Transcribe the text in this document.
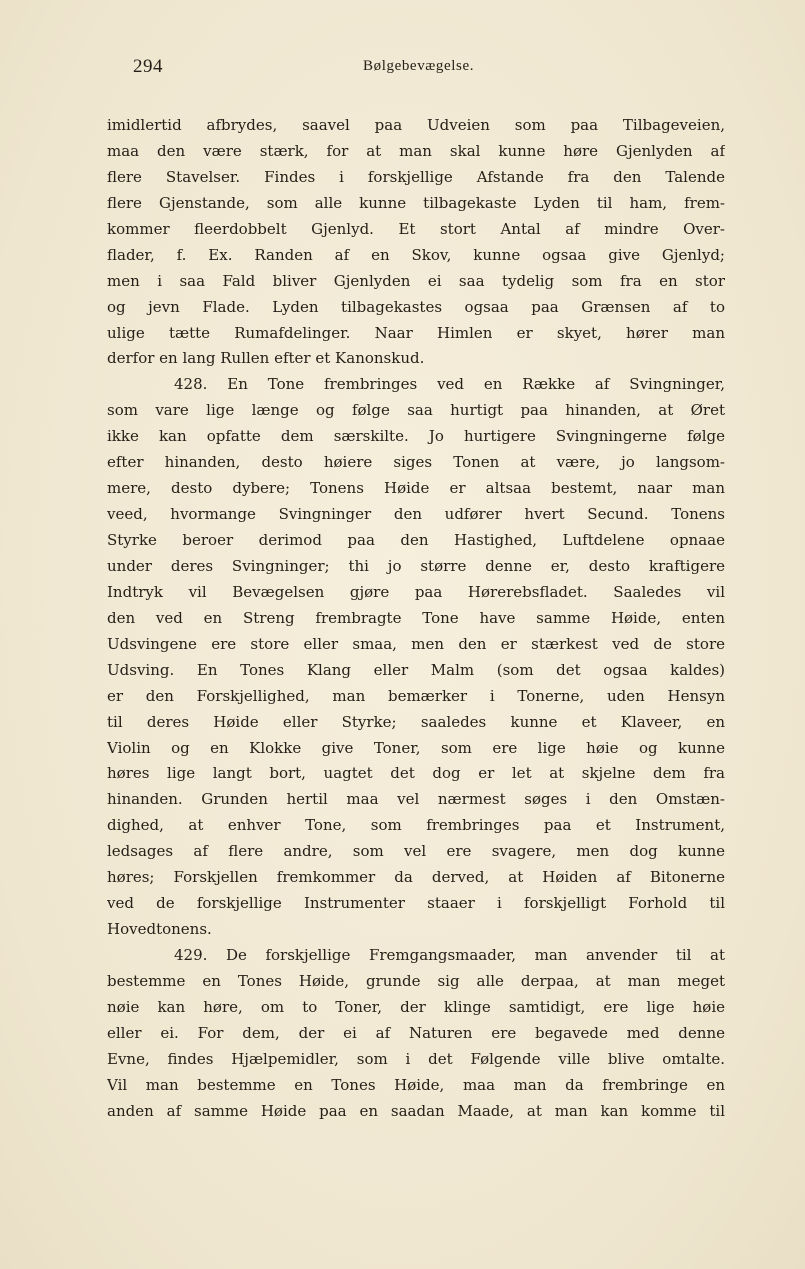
294	Bølgebevægelse.
imidlertid afbrydes, saavel paa Udveien som paa Tilbageveien,
maa den være stærk, for at man skal kunne høre Gjenlyden af
flere Stavelser. Findes i forskjellige Afstande fra den Talende
flere Gjenstande, som alle kunne tilbagekaste Lyden til ham, frem-
kommer fleerdobbelt Gjenlyd. Et stort Antal af mindre Over-
flader, f. Ex. Randen af en Skov, kunne ogsaa give Gjenlyd;
men i saa Fald bliver Gjenlyden ei saa tydelig som fra en stor
og jevn Flade. Lyden tilbagekastes ogsaa paa Grænsen af to
ulige tætte Rumafdelinger. Naar Himlen er skyet, hører man
derfor en lang Rullen efter et Kanonskud.
428. En Tone frembringes ved en Række af Svingninger,
som vare lige længe og følge saa hurtigt paa hinanden, at Øret
ikke kan opfatte dem særskilte. Jo hurtigere Svingningerne følge
efter hinanden, desto høiere siges Tonen at være, jo langsom-
mere, desto dybere; Tonens Høide er altsaa bestemt, naar man
veed, hvormange Svingninger den udfører hvert Secund. Tonens
Styrke beroer derimod paa den Hastighed, Luftdelene opnaae
under deres Svingninger; thi jo større denne er, desto kraftigere
Indtryk vil Bevægelsen gjøre paa Hørerebsfladet. Saaledes vil
den ved en Streng frembragte Tone have samme Høide, enten
Udsvingene ere store eller smaa, men den er stærkest ved de store
Udsving. En Tones Klang eller Malm (som det ogsaa kaldes)
er den Forskjellighed, man bemærker i Tonerne, uden Hensyn
til deres Høide eller Styrke; saaledes kunne et Klaveer, en
Violin og en Klokke give Toner, som ere lige høie og kunne
høres lige langt bort, uagtet det dog er let at skjelne dem fra
hinanden. Grunden hertil maa vel nærmest søges i den Omstæn-
dighed, at enhver Tone, som frembringes paa et Instrument,
ledsages af flere andre, som vel ere svagere, men dog kunne
høres; Forskjellen fremkommer da derved, at Høiden af Bitonerne
ved de forskjellige Instrumenter staaer i forskjelligt Forhold til
Hovedtonens.
429. De forskjellige Fremgangsmaader, man anvender til at
bestemme en Tones Høide, grunde sig alle derpaa, at man meget
nøie kan høre, om to Toner, der klinge samtidigt, ere lige høie
eller ei. For dem, der ei af Naturen ere begavede med denne
Evne, findes Hjælpemidler, som i det Følgende ville blive omtalte.
Vil man bestemme en Tones Høide, maa man da frembringe en
anden af samme Høide paa en saadan Maade, at man kan komme til
